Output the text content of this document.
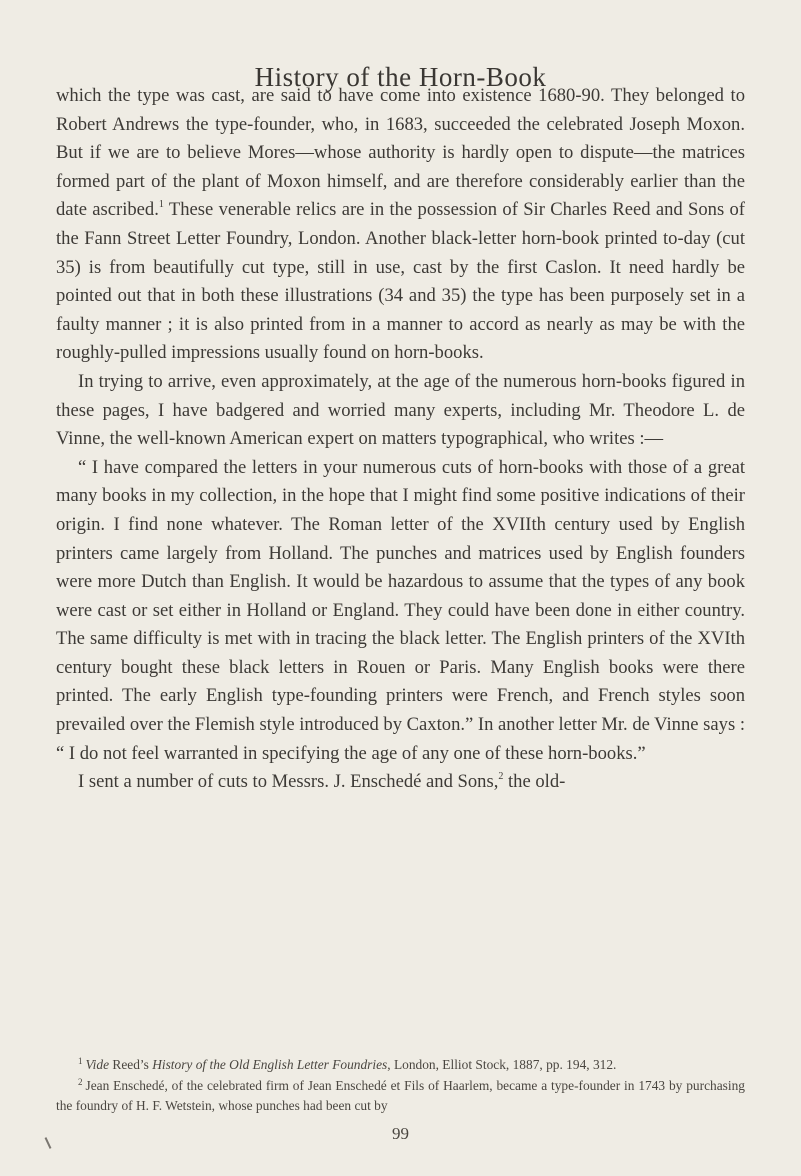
History of the Horn-Book

which the type was cast, are said to have come into existence 1680-90. They belonged to Robert Andrews the type-founder, who, in 1683, succeeded the celebrated Joseph Moxon. But if we are to believe Mores—whose authority is hardly open to dispute—the matrices formed part of the plant of Moxon himself, and are therefore considerably earlier than the date ascribed.$^1$ These venerable relics are in the possession of Sir Charles Reed and Sons of the Fann Street Letter Foundry, London. Another black-letter horn-book printed to-day (cut 35) is from beautifully cut type, still in use, cast by the first Caslon. It need hardly be pointed out that in both these illustrations (34 and 35) the type has been purposely set in a faulty manner ; it is also printed from in a manner to accord as nearly as may be with the roughly-pulled impressions usually found on horn-books.

In trying to arrive, even approximately, at the age of the numerous horn-books figured in these pages, I have badgered and worried many experts, including Mr. Theodore L. de Vinne, the well-known American expert on matters typographical, who writes :—

“ I have compared the letters in your numerous cuts of horn-books with those of a great many books in my collection, in the hope that I might find some positive indications of their origin. I find none whatever. The Roman letter of the XVIIth century used by English printers came largely from Holland. The punches and matrices used by English founders were more Dutch than English. It would be hazardous to assume that the types of any book were cast or set either in Holland or England. They could have been done in either country. The same difficulty is met with in tracing the black letter. The English printers of the XVIth century bought these black letters in Rouen or Paris. Many English books were there printed. The early English type-founding printers were French, and French styles soon prevailed over the Flemish style introduced by Caxton.” In another letter Mr. de Vinne says : “ I do not feel warranted in specifying the age of any one of these horn-books.”

I sent a number of cuts to Messrs. J. Enschedé and Sons,$^2$ the old-

$^1$ Vide Reed’s History of the Old English Letter Foundries, London, Elliot Stock, 1887, pp. 194, 312.

$^2$ Jean Enschedé, of the celebrated firm of Jean Enschedé et Fils of Haarlem, became a type-founder in 1743 by purchasing the foundry of H. F. Wetstein, whose punches had been cut by

99
